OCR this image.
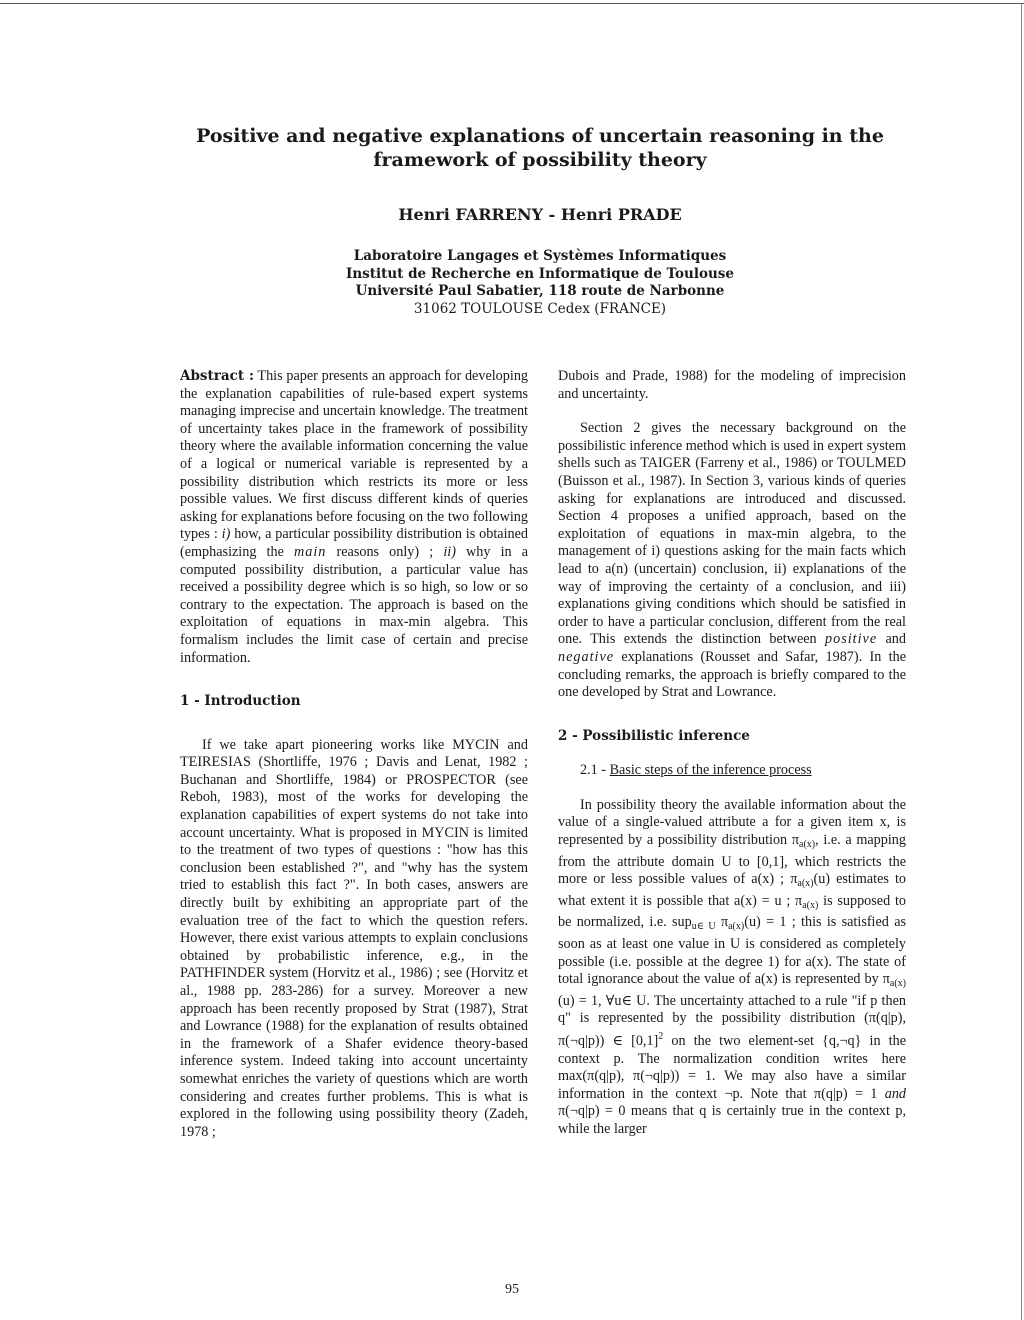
Positive and negative explanations of uncertain reasoning in the
framework of possibility theory
Henri FARRENY - Henri PRADE
Laboratoire Langages et Systèmes Informatiques
Institut de Recherche en Informatique de Toulouse
Université Paul Sabatier, 118 route de Narbonne
31062 TOULOUSE Cedex (FRANCE)

Abstract : This paper presents an approach for developing the explanation capabilities of rule-based expert systems managing imprecise and uncertain knowledge. The treatment of uncertainty takes place in the framework of possibility theory where the available information concerning the value of a logical or numerical variable is represented by a possibility distribution which restricts its more or less possible values. We first discuss different kinds of queries asking for explanations before focusing on the two following types : i) how, a particular possibility distribution is obtained (emphasizing the main reasons only) ; ii) why in a computed possibility distribution, a particular value has received a possibility degree which is so high, so low or so contrary to the expectation. The approach is based on the exploitation of equations in max-min algebra. This formalism includes the limit case of certain and precise information.

1 - Introduction

If we take apart pioneering works like MYCIN and TEIRESIAS (Shortliffe, 1976 ; Davis and Lenat, 1982 ; Buchanan and Shortliffe, 1984) or PROSPECTOR (see Reboh, 1983), most of the works for developing the explanation capabilities of expert systems do not take into account uncertainty. What is proposed in MYCIN is limited to the treatment of two types of questions : "how has this conclusion been established ?", and "why has the system tried to establish this fact ?". In both cases, answers are directly built by exhibiting an appropriate part of the evaluation tree of the fact to which the question refers. However, there exist various attempts to explain conclusions obtained by probabilistic inference, e.g., in the PATHFINDER system (Horvitz et al., 1986) ; see (Horvitz et al., 1988 pp. 283-286) for a survey. Moreover a new approach has been recently proposed by Strat (1987), Strat and Lowrance (1988) for the explanation of results obtained in the framework of a Shafer evidence theory-based inference system. Indeed taking into account uncertainty somewhat enriches the variety of questions which are worth considering and creates further problems. This is what is explored in the following using possibility theory (Zadeh, 1978 ;

Dubois and Prade, 1988) for the modeling of imprecision and uncertainty.

Section 2 gives the necessary background on the possibilistic inference method which is used in expert system shells such as TAIGER (Farreny et al., 1986) or TOULMED (Buisson et al., 1987). In Section 3, various kinds of queries asking for explanations are introduced and discussed. Section 4 proposes a unified approach, based on the exploitation of equations in max-min algebra, to the management of i) questions asking for the main facts which lead to a(n) (uncertain) conclusion, ii) explanations of the way of improving the certainty of a conclusion, and iii) explanations giving conditions which should be satisfied in order to have a particular conclusion, different from the real one. This extends the distinction between positive and negative explanations (Rousset and Safar, 1987). In the concluding remarks, the approach is briefly compared to the one developed by Strat and Lowrance.

2 - Possibilistic inference

2.1 - Basic steps of the inference process

In possibility theory the available information about the value of a single-valued attribute a for a given item x, is represented by a possibility distribution $\pi_{a(x)}$, i.e. a mapping from the attribute domain U to [0,1], which restricts the more or less possible values of a(x) ; $\pi_{a(x)}(u)$ estimates to what extent it is possible that a(x) = u ; $\pi_{a(x)}$ is supposed to be normalized, i.e. sup$_{u\in U}$ $\pi_{a(x)}(u) = 1$ ; this is satisfied as soon as at least one value in U is considered as completely possible (i.e. possible at the degree 1) for a(x). The state of total ignorance about the value of a(x) is represented by $\pi_{a(x)}(u) = 1$, ∀u∈ U. The uncertainty attached to a rule "if p then q" is represented by the possibility distribution (π(q|p), π(¬q|p)) ∈ $[0,1]^2$ on the two element-set {q,¬q} in the context p. The normalization condition writes here max(π(q|p), π(¬q|p)) = 1. We may also have a similar information in the context ¬p. Note that π(q|p) = 1 and π(¬q|p) = 0 means that q is certainly true in the context p, while the larger

95
